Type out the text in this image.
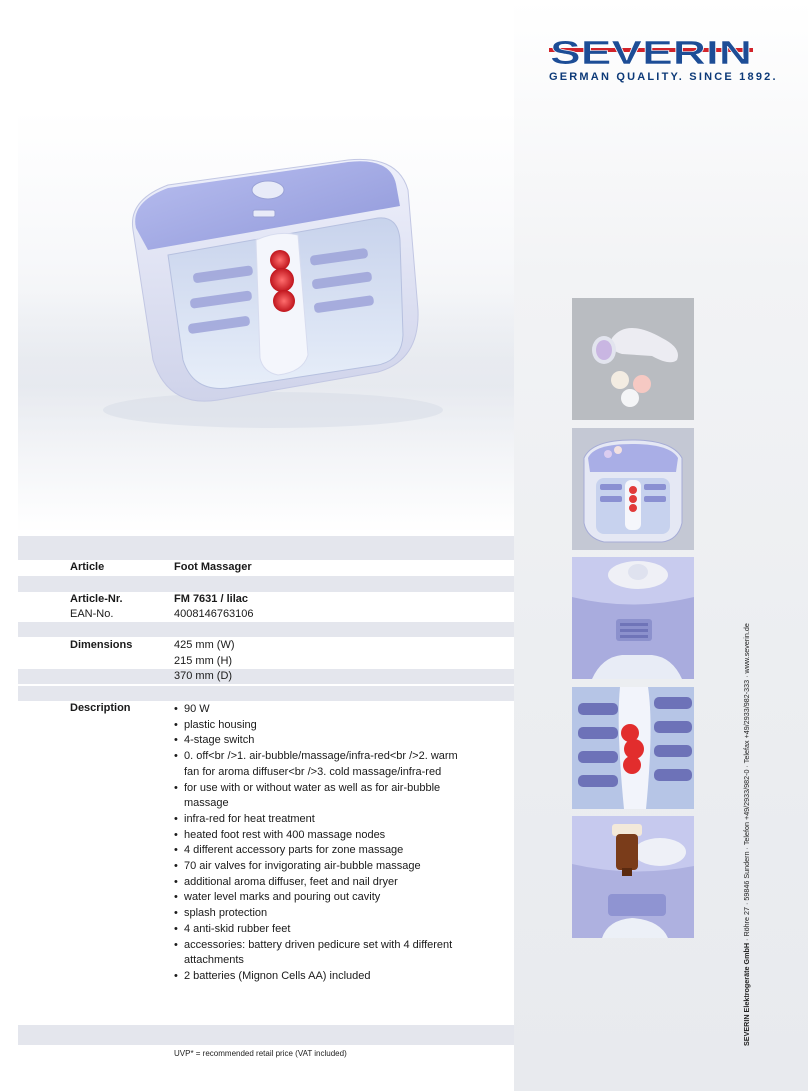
SEVERIN
GERMAN QUALITY. SINCE 1892.
Article	Foot Massager
Article-Nr.	FM 7631 / lilac
EAN-No.	4008146763106
Dimensions	425 mm (W)
215 mm (H)
370 mm (D)
Description
•	90 W
• plastic housing
• 4-stage switch
• 0. off<br />1. air-bubble/massage/infra-red<br />2. warm fan for aroma diffuser<br />3. cold massage/infra-red
• for use with or without water as well as for air-bubble massage
• infra-red for heat treatment
• heated foot rest with 400 massage nodes
• 4 different accessory parts for zone massage
• 70 air valves for invigorating air-bubble massage
• additional aroma diffuser, feet and nail dryer
• water level marks and pouring out cavity
• splash protection
• 4 anti-skid rubber feet
• accessories: battery driven pedicure set with 4 different attachments
• 2 batteries (Mignon Cells AA) included
UVP* = recommended retail price (VAT included)
SEVERIN Elektrogeräte GmbH · Röhre 27 · 59846 Sundern · Telefon +49/2933/982-0 · Telefax +49/2933/982-333 · www.severin.de
